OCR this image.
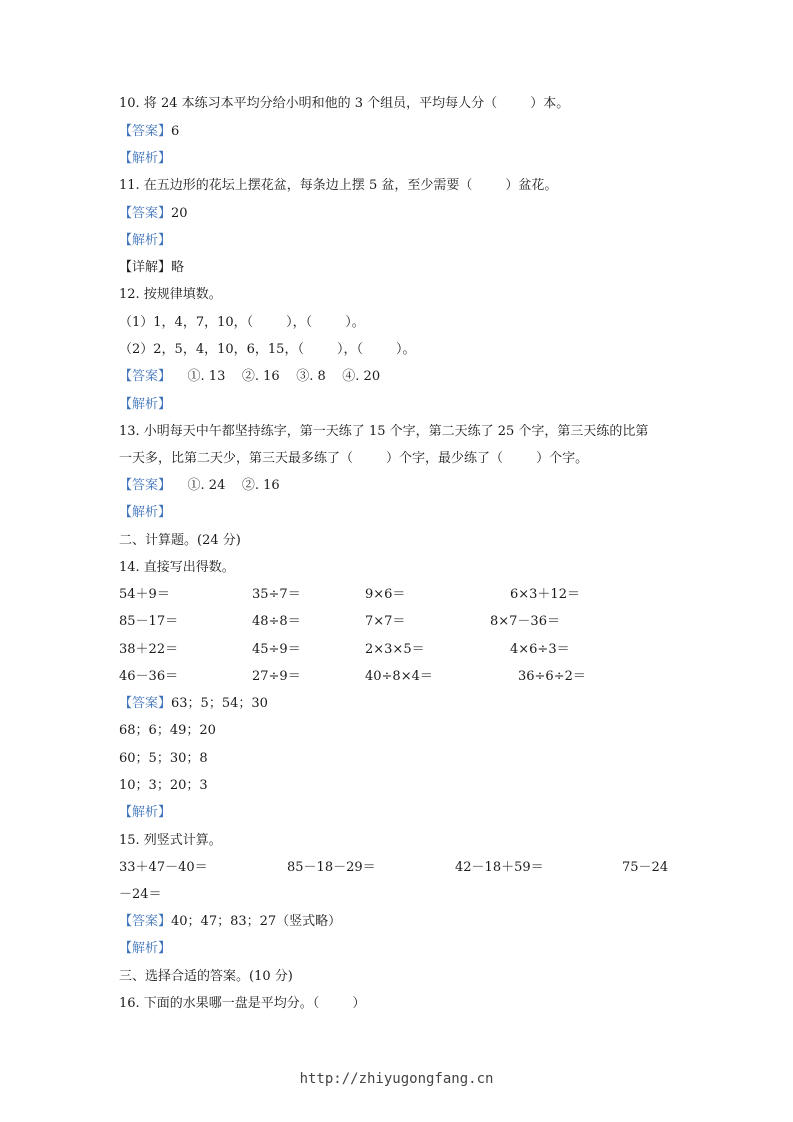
10. 将 24 本练习本平均分给小明和他的 3 个组员，平均每人分（        ）本。
【答案】6
【解析】
11. 在五边形的花坛上摆花盆，每条边上摆 5 盆，至少需要（        ）盆花。
【答案】20
【解析】
【详解】略
12. 按规律填数。
（1）1，4，7，10，（        ），（        ）。
（2）2，5，4，10，6，15，（        ），（        ）。
【答案】    ①. 13    ②. 16    ③. 8    ④. 20
【解析】
13. 小明每天中午都坚持练字，第一天练了 15 个字，第二天练了 25 个字，第三天练的比第
一天多，比第二天少，第三天最多练了（        ）个字，最少练了（        ）个字。
【答案】    ①. 24    ②. 16
【解析】
二、计算题。(24 分)
14. 直接写出得数。
54＋9＝	35÷7＝	9×6＝	6×3＋12＝
85－17＝	48÷8＝	7×7＝	8×7－36＝
38＋22＝	45÷9＝	2×3×5＝	4×6÷3＝
46－36＝	27÷9＝	40÷8×4＝	36÷6÷2＝
【答案】63；5；54；30
68；6；49；20
60；5；30；8
10；3；20；3
【解析】
15. 列竖式计算。
33＋47－40＝	85－18－29＝	42－18＋59＝	75－24
－24＝
【答案】40；47；83；27（竖式略）
【解析】
三、选择合适的答案。(10 分)
16. 下面的水果哪一盘是平均分。（        ）
http://zhiyugongfang.cn
